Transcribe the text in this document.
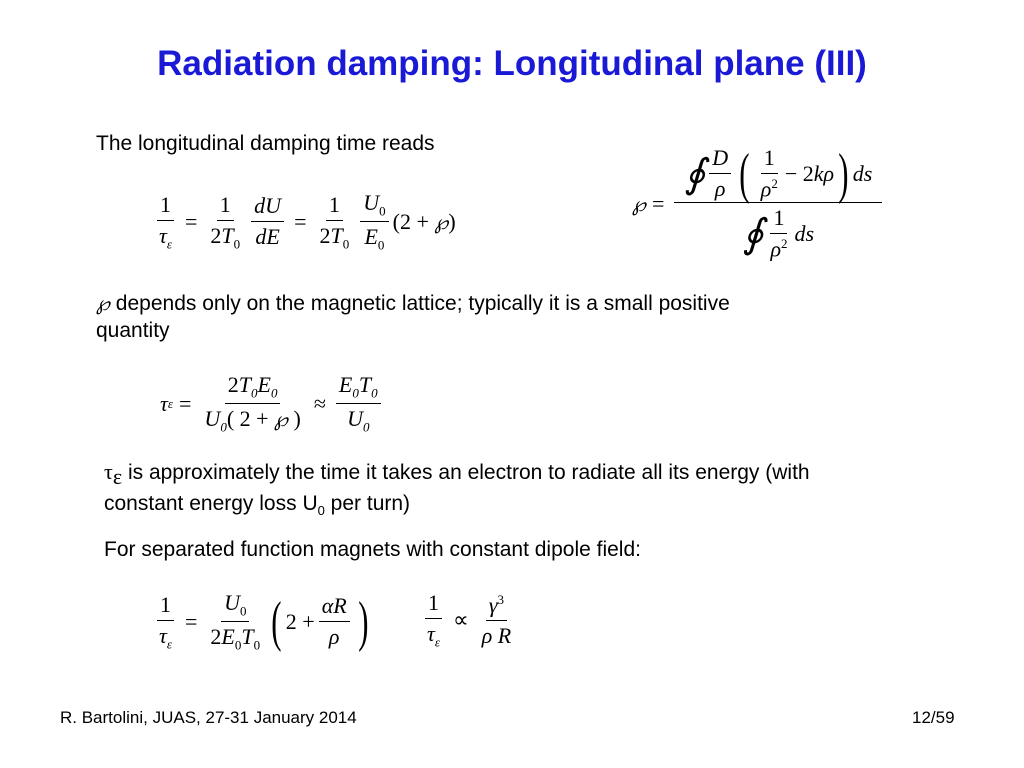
Radiation damping: Longitudinal plane (III)
The longitudinal damping time reads
$\frac{1}{\tau_\varepsilon} = \frac{1}{2T_0} \frac{dU}{dE} = \frac{1}{2T_0} \frac{U_0}{E_0} (2$ + ℘)
℘ =
∮ $\frac{D}{\rho}$ ( $\frac{1}{\rho^2} - 2k\rho$ ) ds
∮ $\frac{1}{\rho^2}$ ds
℘ depends only on the magnetic lattice; typically it is a small positive
quantity
τ $\varepsilon = \frac{2T_0E_0}{U_0( 2 + ℘ )} \approx \frac{E_0T_0}{U_0}$
$\tau_\varepsilon$ is approximately the time it takes an electron to radiate all its energy (with
constant energy loss $U_0$ per turn)
For separated function magnets with constant dipole field:
$\frac{1}{\tau_\varepsilon} = \frac{U_0}{2E_0T_0}$ ( $2 + \frac{\alpha R}{\rho}$ )	$\frac{1}{\tau_\varepsilon} \propto \frac{\gamma^3}{\text{ρ R}}$
R. Bartolini, JUAS, 27-31 January 2014	12/59
